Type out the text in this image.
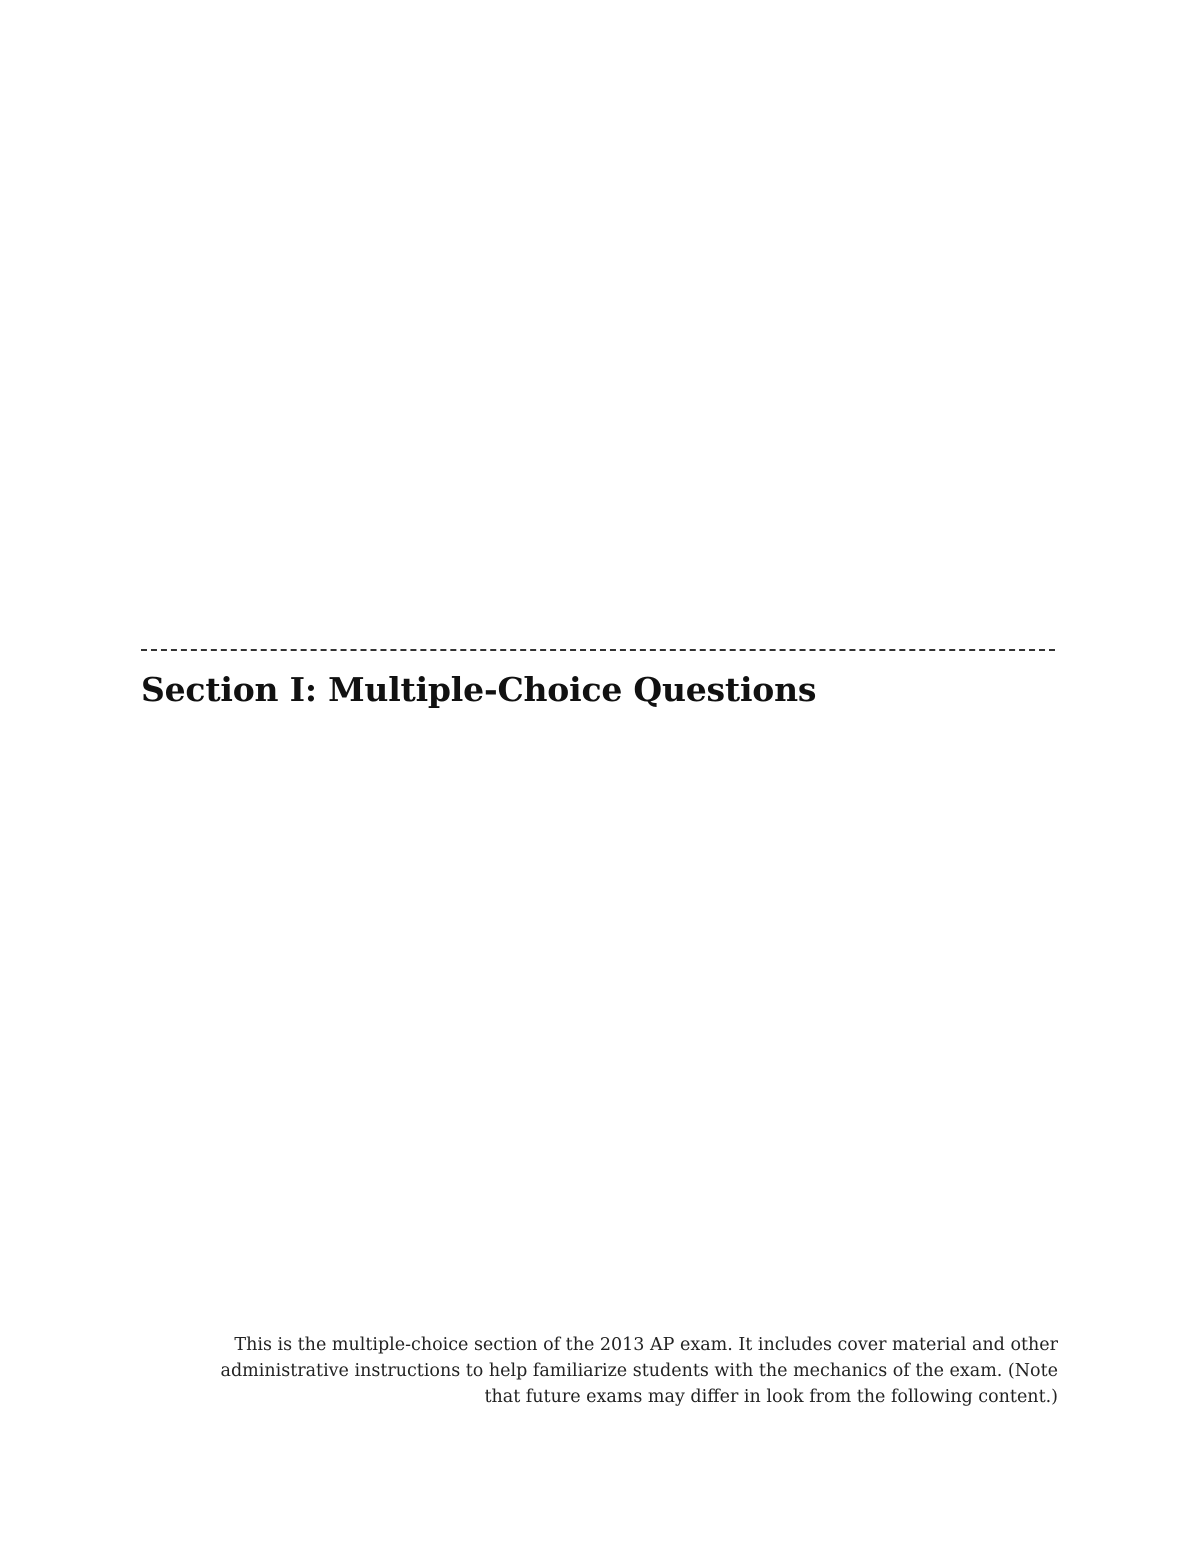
Section I: Multiple-Choice Questions

This is the multiple-choice section of the 2013 AP exam. It includes cover material and other administrative instructions to help familiarize students with the mechanics of the exam. (Note that future exams may differ in look from the following content.)
